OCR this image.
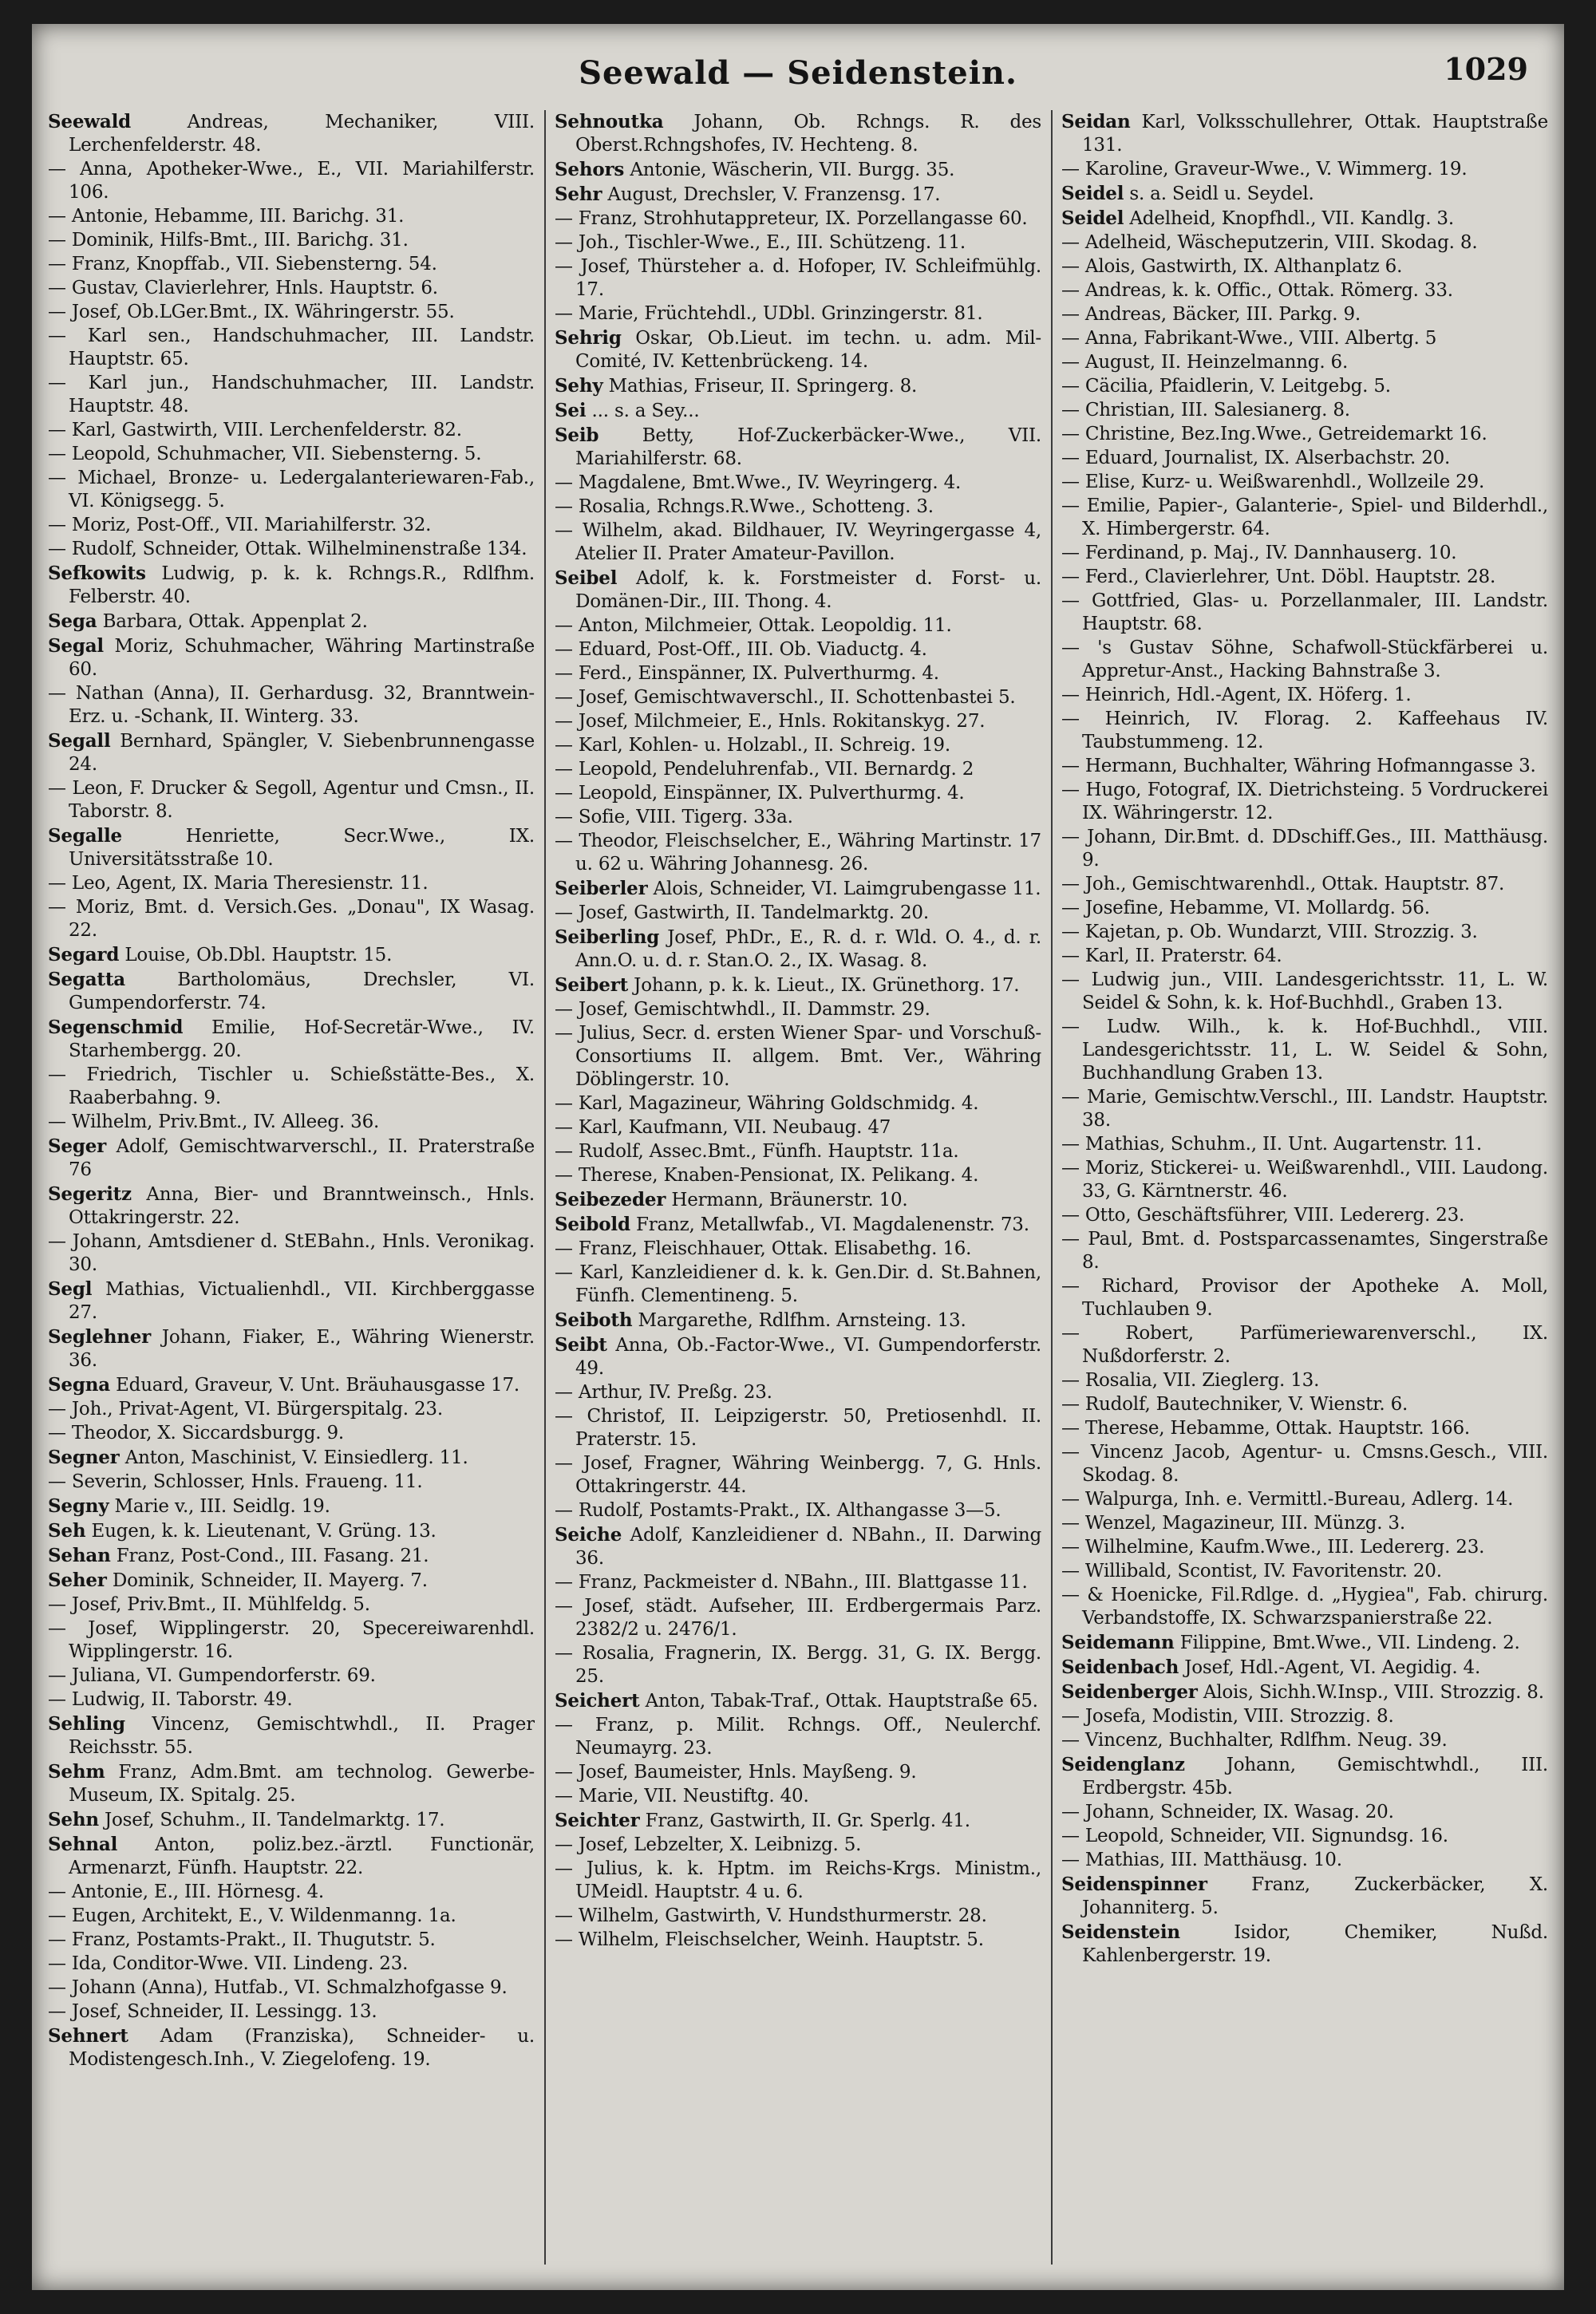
Seewald — Seidenstein.	1029
Seewald	Andreas, Mechaniker, VIII. Lerchenfelderstr. 48.
— Anna, Apotheker-Wwe., E., VII. Mariahilferstr. 106.
— Antonie, Hebamme, III. Barichg. 31.
— Dominik, Hilfs-Bmt., III. Barichg. 31.
— Franz, Knopffab., VII. Siebensterng. 54.
— Gustav, Clavierlehrer, Hnls. Hauptstr. 6.
— Josef, Ob.LGer.Bmt., IX. Währingerstr. 55.
— Karl sen., Handschuhmacher, III. Landstr. Hauptstr. 65.
— Karl jun., Handschuhmacher, III. Landstr. Hauptstr. 48.
— Karl, Gastwirth, VIII. Lerchenfelderstr. 82.
— Leopold, Schuhmacher, VII. Siebensterng. 5.
— Michael, Bronze- u. Ledergalanteriewaren-Fab., VI. Königsegg. 5.
— Moriz, Post-Off., VII. Mariahilferstr. 32.
— Rudolf, Schneider, Ottak. Wilhelminenstraße 134.
Sefkowits Ludwig, p. k. k. Rchngs.R., Rdlfhm. Felberstr. 40.
Sega Barbara, Ottak. Appenplat 2.
Segal Moriz, Schuhmacher, Währing Martinstraße 60.
— Nathan (Anna), II. Gerhardusg. 32, Branntwein-Erz. u. -Schank, II. Winterg. 33.
Segall Bernhard, Spängler, V. Siebenbrunnengasse 24.
— Leon, F. Drucker & Segoll, Agentur und Cmsn., II. Taborstr. 8.
Segalle	Henriette, Secr.Wwe., IX. Universitätsstraße 10.
— Leo, Agent, IX. Maria Theresienstr. 11.
— Moriz, Bmt. d. Versich.Ges. „Donau", IX Wasag. 22.
Segard Louise, Ob.Dbl. Hauptstr. 15.
Segatta	Bartholomäus, Drechsler, VI. Gumpendorferstr. 74.
Segenschmid Emilie, Hof-Secretär-Wwe., IV. Starhembergg. 20.
— Friedrich, Tischler u. Schießstätte-Bes., X. Raaberbahng. 9.
— Wilhelm, Priv.Bmt., IV. Alleeg. 36.
Seger Adolf, Gemischtwarverschl., II. Praterstraße 76
Segeritz Anna, Bier- und Branntweinsch., Hnls. Ottakringerstr. 22.
— Johann, Amtsdiener d. StEBahn., Hnls. Veronikag. 30.
Segl Mathias, Victualienhdl., VII. Kirchberggasse 27.
Seglehner Johann, Fiaker, E., Währing Wienerstr. 36.
Segna Eduard, Graveur, V. Unt. Bräuhausgasse 17.
— Joh., Privat-Agent, VI. Bürgerspitalg. 23.
— Theodor, X. Siccardsburgg. 9.
Segner Anton, Maschinist, V. Einsiedlerg. 11.
— Severin, Schlosser, Hnls. Fraueng. 11.
Segny Marie v., III. Seidlg. 19.
Seh Eugen, k. k. Lieutenant, V. Grüng. 13.
Sehan Franz, Post-Cond., III. Fasang. 21.
Seher Dominik, Schneider, II. Mayerg. 7.
— Josef, Priv.Bmt., II. Mühlfeldg. 5.
— Josef, Wipplingerstr. 20, Specereiwarenhdl. Wipplingerstr. 16.
— Juliana, VI. Gumpendorferstr. 69.
— Ludwig, II. Taborstr. 49.
Sehling Vincenz, Gemischtwhdl., II. Prager Reichsstr. 55.
Sehm Franz, Adm.Bmt. am technolog. Gewerbe-Museum, IX. Spitalg. 25.
Sehn Josef, Schuhm., II. Tandelmarktg. 17.
Sehnal Anton, poliz.bez.-ärztl. Functionär, Armenarzt, Fünfh. Hauptstr. 22.
— Antonie, E., III. Hörnesg. 4.
— Eugen, Architekt, E., V. Wildenmanng. 1a.
— Franz, Postamts-Prakt., II. Thugutstr. 5.
— Ida, Conditor-Wwe. VII. Lindeng. 23.
— Johann (Anna), Hutfab., VI. Schmalzhofgasse 9.
— Josef, Schneider, II. Lessingg. 13.
Sehnert Adam (Franziska), Schneider- u. Modistengesch.Inh., V. Ziegelofeng. 19.
Sehnoutka Johann, Ob. Rchngs. R. des Oberst.Rchngshofes, IV. Hechteng. 8.
Sehors Antonie, Wäscherin, VII. Burgg. 35.
Sehr August, Drechsler, V. Franzensg. 17.
— Franz, Strohhutappreteur, IX. Porzellangasse 60.
— Joh., Tischler-Wwe., E., III. Schützeng. 11.
— Josef, Thürsteher a. d. Hofoper, IV. Schleifmühlg. 17.
— Marie, Früchtehdl., UDbl. Grinzingerstr. 81.
Sehrig Oskar, Ob.Lieut. im techn. u. adm. Mil-Comité, IV. Kettenbrückeng. 14.
Sehy Mathias, Friseur, II. Springerg. 8.
Sei ... s. a Sey...
Seib Betty, Hof-Zuckerbäcker-Wwe., VII. Mariahilferstr. 68.
— Magdalene, Bmt.Wwe., IV. Weyringerg. 4.
— Rosalia, Rchngs.R.Wwe., Schotteng. 3.
— Wilhelm, akad. Bildhauer, IV. Weyringergasse 4, Atelier II. Prater Amateur-Pavillon.
Seibel Adolf, k. k. Forstmeister d. Forst- u. Domänen-Dir., III. Thong. 4.
— Anton, Milchmeier, Ottak. Leopoldig. 11.
— Eduard, Post-Off., III. Ob. Viaductg. 4.
— Ferd., Einspänner, IX. Pulverthurmg. 4.
— Josef, Gemischtwaverschl., II. Schottenbastei 5.
— Josef, Milchmeier, E., Hnls. Rokitanskyg. 27.
— Karl, Kohlen- u. Holzabl., II. Schreig. 19.
— Leopold, Pendeluhrenfab., VII. Bernardg. 2
— Leopold, Einspänner, IX. Pulverthurmg. 4.
— Sofie, VIII. Tigerg. 33a.
— Theodor, Fleischselcher, E., Währing Martinstr. 17 u. 62 u. Währing Johannesg. 26.
Seiberler Alois, Schneider, VI. Laimgrubengasse 11.
— Josef, Gastwirth, II. Tandelmarktg. 20.
Seiberling Josef, PhDr., E., R. d. r. Wld. O. 4., d. r. Ann.O. u. d. r. Stan.O. 2., IX. Wasag. 8.
Seibert Johann, p. k. k. Lieut., IX. Grünethorg. 17.
— Josef, Gemischtwhdl., II. Dammstr. 29.
— Julius, Secr. d. ersten Wiener Spar- und Vorschuß-Consortiums II. allgem. Bmt. Ver., Währing Döblingerstr. 10.
— Karl, Magazineur, Währing Goldschmidg. 4.
— Karl, Kaufmann, VII. Neubaug. 47
— Rudolf, Assec.Bmt., Fünfh. Hauptstr. 11a.
— Therese, Knaben-Pensionat, IX. Pelikang. 4.
Seibezeder Hermann, Bräunerstr. 10.
Seibold Franz, Metallwfab., VI. Magdalenenstr. 73.
— Franz, Fleischhauer, Ottak. Elisabethg. 16.
— Karl, Kanzleidiener d. k. k. Gen.Dir. d. St.Bahnen, Fünfh. Clementineng. 5.
Seiboth Margarethe, Rdlfhm. Arnsteing. 13.
Seibt Anna, Ob.-Factor-Wwe., VI. Gumpendorferstr. 49.
— Arthur, IV. Preßg. 23.
— Christof, II. Leipzigerstr. 50, Pretiosenhdl. II. Praterstr. 15.
— Josef, Fragner, Währing Weinbergg. 7, G. Hnls. Ottakringerstr. 44.
— Rudolf, Postamts-Prakt., IX. Althangasse 3—5.
Seiche Adolf, Kanzleidiener d. NBahn., II. Darwing 36.
— Franz, Packmeister d. NBahn., III. Blattgasse 11.
— Josef, städt. Aufseher, III. Erdbergermais Parz. 2382/2 u. 2476/1.
— Rosalia, Fragnerin, IX. Bergg. 31, G. IX. Bergg. 25.
Seichert Anton, Tabak-Traf., Ottak. Hauptstraße 65.
— Franz, p. Milit. Rchngs. Off., Neulerchf. Neumayrg. 23.
— Josef, Baumeister, Hnls. Mayßeng. 9.
— Marie, VII. Neustiftg. 40.
Seichter Franz, Gastwirth, II. Gr. Sperlg. 41.
— Josef, Lebzelter, X. Leibnizg. 5.
— Julius, k. k. Hptm. im Reichs-Krgs. Ministm., UMeidl. Hauptstr. 4 u. 6.
— Wilhelm, Gastwirth, V. Hundsthurmerstr. 28.
— Wilhelm, Fleischselcher, Weinh. Hauptstr. 5.
Seidan Karl, Volksschullehrer, Ottak. Hauptstraße 131.
— Karoline, Graveur-Wwe., V. Wimmerg. 19.
Seidel s. a. Seidl u. Seydel.
Seidel Adelheid, Knopfhdl., VII. Kandlg. 3.
— Adelheid, Wäscheputzerin, VIII. Skodag. 8.
— Alois, Gastwirth, IX. Althanplatz 6.
— Andreas, k. k. Offic., Ottak. Römerg. 33.
— Andreas, Bäcker, III. Parkg. 9.
— Anna, Fabrikant-Wwe., VIII. Albertg. 5
— August, II. Heinzelmanng. 6.
— Cäcilia, Pfaidlerin, V. Leitgebg. 5.
— Christian, III. Salesianerg. 8.
— Christine, Bez.Ing.Wwe., Getreidemarkt 16.
— Eduard, Journalist, IX. Alserbachstr. 20.
— Elise, Kurz- u. Weißwarenhdl., Wollzeile 29.
— Emilie, Papier-, Galanterie-, Spiel- und Bilderhdl., X. Himbergerstr. 64.
— Ferdinand, p. Maj., IV. Dannhauserg. 10.
— Ferd., Clavierlehrer, Unt. Döbl. Hauptstr. 28.
— Gottfried, Glas- u. Porzellanmaler, III. Landstr. Hauptstr. 68.
— 's Gustav Söhne, Schafwoll-Stückfärberei u. Appretur-Anst., Hacking Bahnstraße 3.
— Heinrich, Hdl.-Agent, IX. Höferg. 1.
— Heinrich, IV. Florag. 2. Kaffeehaus IV. Taubstummeng. 12.
— Hermann, Buchhalter, Währing Hofmanngasse 3.
— Hugo, Fotograf, IX. Dietrichsteing. 5 Vordruckerei IX. Währingerstr. 12.
— Johann, Dir.Bmt. d. DDschiff.Ges., III. Matthäusg. 9.
— Joh., Gemischtwarenhdl., Ottak. Hauptstr. 87.
— Josefine, Hebamme, VI. Mollardg. 56.
— Kajetan, p. Ob. Wundarzt, VIII. Strozzig. 3.
— Karl, II. Praterstr. 64.
— Ludwig jun., VIII. Landesgerichtsstr. 11, L. W. Seidel & Sohn, k. k. Hof-Buchhdl., Graben 13.
— Ludw. Wilh., k. k. Hof-Buchhdl., VIII. Landesgerichtsstr. 11, L. W. Seidel & Sohn, Buchhandlung Graben 13.
— Marie, Gemischtw.Verschl., III. Landstr. Hauptstr. 38.
— Mathias, Schuhm., II. Unt. Augartenstr. 11.
— Moriz, Stickerei- u. Weißwarenhdl., VIII. Laudong. 33, G. Kärntnerstr. 46.
— Otto, Geschäftsführer, VIII. Ledererg. 23.
— Paul, Bmt. d. Postsparcassenamtes, Singerstraße 8.
— Richard, Provisor der Apotheke A. Moll, Tuchlauben 9.
— Robert, Parfümeriewarenverschl., IX. Nußdorferstr. 2.
— Rosalia, VII. Zieglerg. 13.
— Rudolf, Bautechniker, V. Wienstr. 6.
— Therese, Hebamme, Ottak. Hauptstr. 166.
— Vincenz Jacob, Agentur- u. Cmsns.Gesch., VIII. Skodag. 8.
— Walpurga, Inh. e. Vermittl.-Bureau, Adlerg. 14.
— Wenzel, Magazineur, III. Münzg. 3.
— Wilhelmine, Kaufm.Wwe., III. Ledererg. 23.
— Willibald, Scontist, IV. Favoritenstr. 20.
— & Hoenicke, Fil.Rdlge. d. „Hygiea", Fab. chirurg. Verbandstoffe, IX. Schwarzspanierstraße 22.
Seidemann Filippine, Bmt.Wwe., VII. Lindeng. 2.
Seidenbach Josef, Hdl.-Agent, VI. Aegidig. 4.
Seidenberger Alois, Sichh.W.Insp., VIII. Strozzig. 8.
— Josefa, Modistin, VIII. Strozzig. 8.
— Vincenz, Buchhalter, Rdlfhm. Neug. 39.
Seidenglanz Johann, Gemischtwhdl., III. Erdbergstr. 45b.
— Johann, Schneider, IX. Wasag. 20.
— Leopold, Schneider, VII. Signundsg. 16.
— Mathias, III. Matthäusg. 10.
Seidenspinner Franz, Zuckerbäcker, X. Johanniterg. 5.
Seidenstein	Isidor, Chemiker, Nußd. Kahlenbergerstr. 19.
